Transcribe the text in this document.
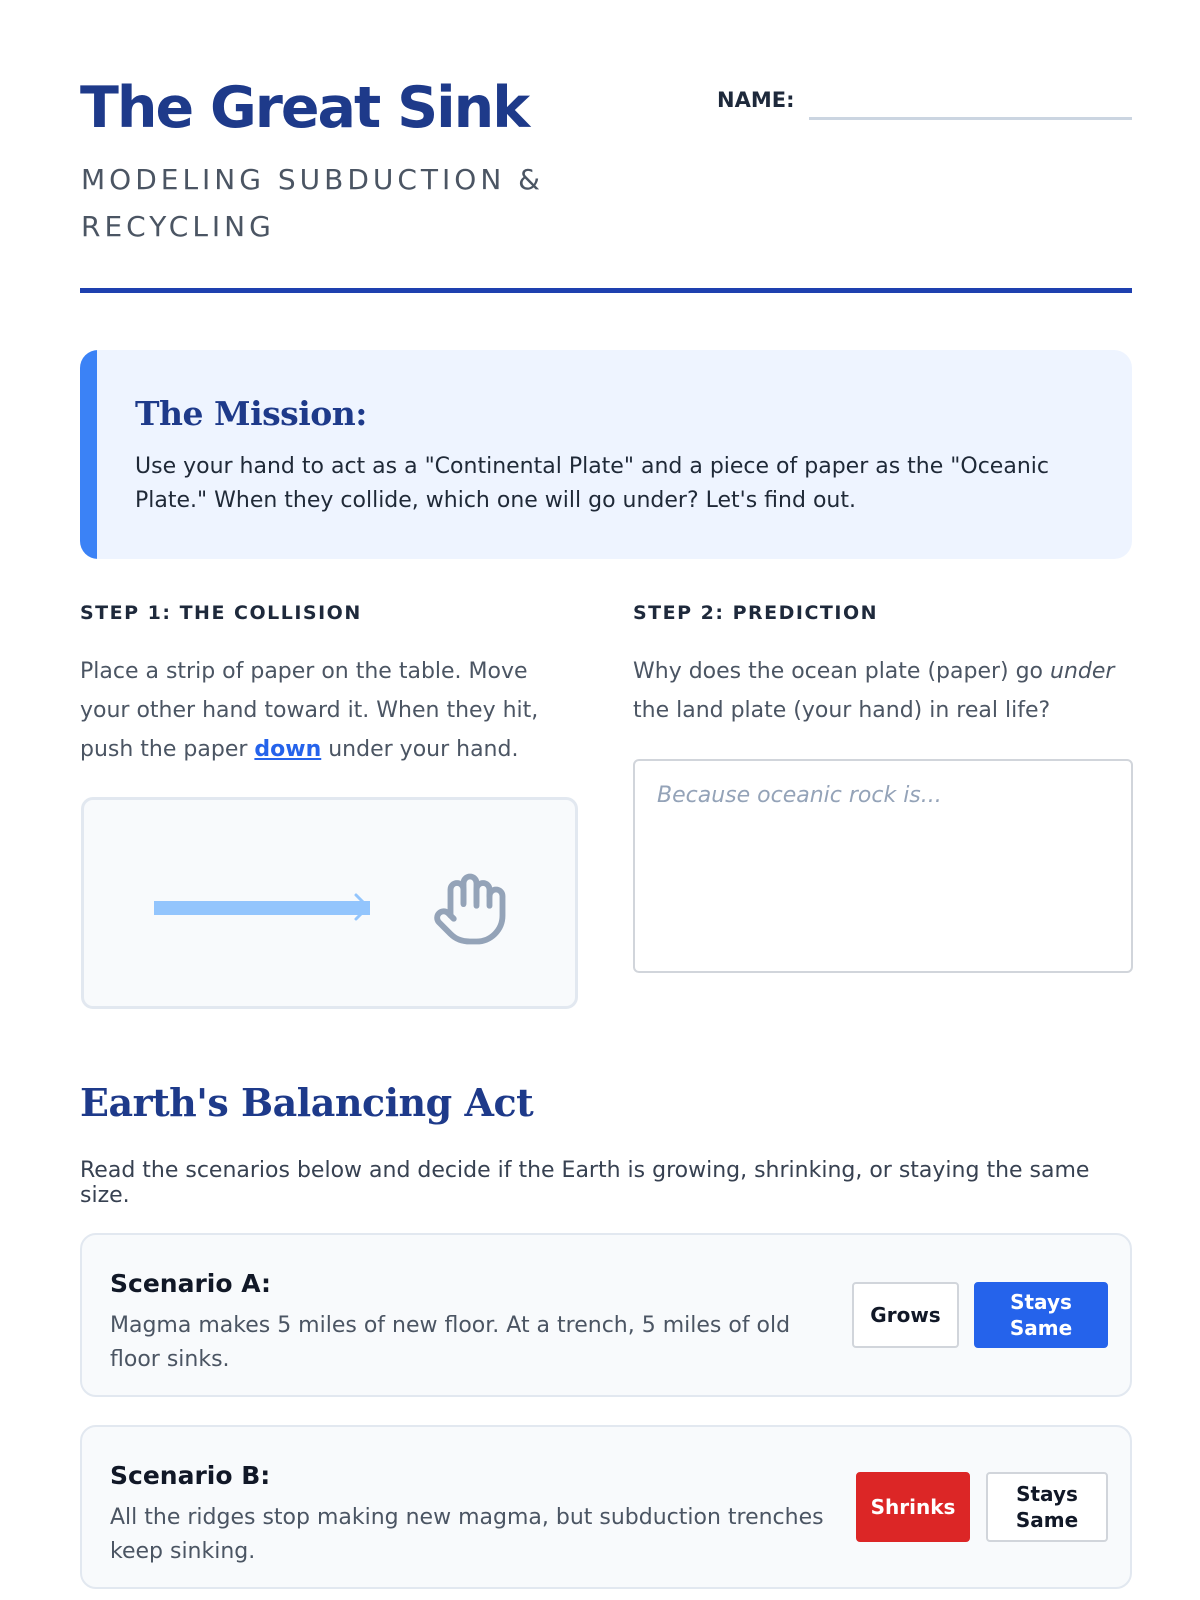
The Great Sink
MODELING SUBDUCTION & RECYCLING
NAME:
The Mission:

Use your hand to act as a "Continental Plate" and a piece of paper as the "Oceanic Plate." When they collide, which one will go under? Let's find out.

STEP 1: THE COLLISION

Place a strip of paper on the table. Move your other hand toward it. When they hit, push the paper down under your hand.

STEP 2: PREDICTION

Why does the ocean plate (paper) go under the land plate (your hand) in real life?

Because oceanic rock is...
Earth's Balancing Act

Read the scenarios below and decide if the Earth is growing, shrinking, or staying the same size.

Scenario A:

Magma makes 5 miles of new floor. At a trench, 5 miles of old floor sinks.

Grows
Stays Same
Scenario B:

All the ridges stop making new magma, but subduction trenches keep sinking.

Shrinks
Stays Same
